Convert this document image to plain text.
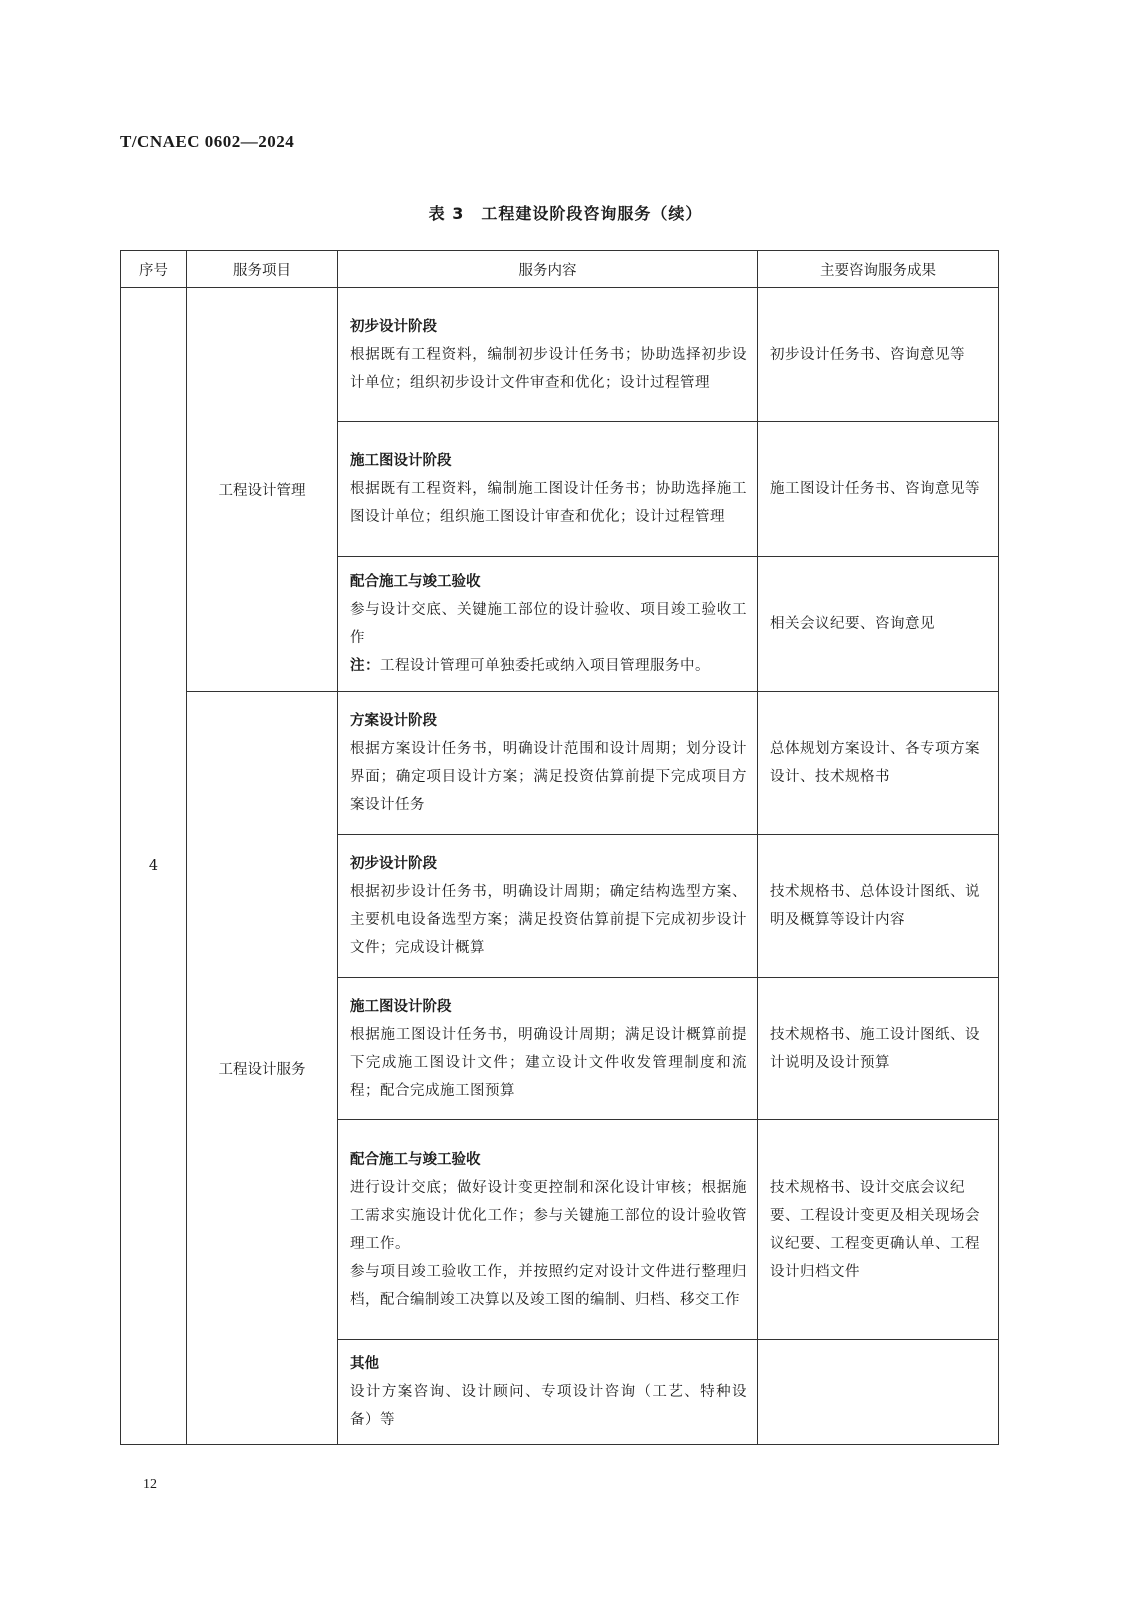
T/CNAEC 0602—2024
表 3　工程建设阶段咨询服务（续）
序号	服务项目	服务内容	主要咨询服务成果
4	工程设计管理	初步设计阶段
根据既有工程资料，编制初步设计任务书；协助选择初步设计单位；组织初步设计文件审查和优化；设计过程管理	初步设计任务书、咨询意见等

		施工图设计阶段
根据既有工程资料，编制施工图设计任务书；协助选择施工图设计单位；组织施工图设计审查和优化；设计过程管理	施工图设计任务书、咨询意见等

		配合施工与竣工验收
参与设计交底、关键施工部位的设计验收、项目竣工验收工作
注：工程设计管理可单独委托或纳入项目管理服务中。	相关会议纪要、咨询意见
	工程设计服务	方案设计阶段
根据方案设计任务书，明确设计范围和设计周期；划分设计界面；确定项目设计方案；满足投资估算前提下完成项目方案设计任务	总体规划方案设计、各专项方案设计、技术规格书

		初步设计阶段
根据初步设计任务书，明确设计周期；确定结构选型方案、主要机电设备选型方案；满足投资估算前提下完成初步设计文件；完成设计概算	技术规格书、总体设计图纸、说明及概算等设计内容

		施工图设计阶段
根据施工图设计任务书，明确设计周期；满足设计概算前提下完成施工图设计文件；建立设计文件收发管理制度和流程；配合完成施工图预算	技术规格书、施工设计图纸、设计说明及设计预算

		配合施工与竣工验收
进行设计交底；做好设计变更控制和深化设计审核；根据施工需求实施设计优化工作；参与关键施工部位的设计验收管理工作。
参与项目竣工验收工作，并按照约定对设计文件进行整理归档，配合编制竣工决算以及竣工图的编制、归档、移交工作	技术规格书、设计交底会议纪要、工程设计变更及相关现场会议纪要、工程变更确认单、工程设计归档文件

		其他
设计方案咨询、设计顾问、专项设计咨询（工艺、特种设备）等	

12
